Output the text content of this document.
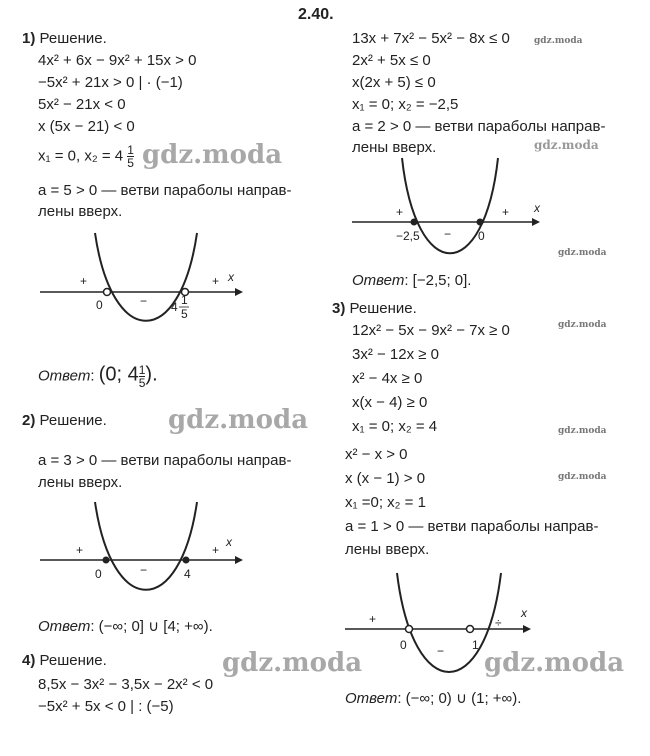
2.40.
1) Решение.
4x² + 6x − 9x² + 15x > 0
−5x² + 21x > 0 | · (−1)
5x² − 21x < 0
x (5x − 21) < 0
x₁ = 0, $x_2 = 4 \frac{1}{5}$
a = 5 > 0 — ветви параболы направ-
лены вверх.
+
−
+ x
0	4 1
5
Ответ: (0; $4 \frac{1}{5}$ ).
2) Решение.
a = 3 > 0 — ветви параболы направ-
лены вверх.
+
−
+
x
0	4
Ответ: (−∞; 0] ∪ [4; +∞).
4) Решение.
8,5x − 3x² − 3,5x − 2x² < 0
−5x² + 5x < 0 | : (−5)
13x + 7x² − 5x² − 8x ≤ 0
2x² + 5x ≤ 0
x(2x + 5) ≤ 0
x₁ = 0; x₂ = −2,5
a = 2 > 0 — ветви параболы направ-
лены вверх.
+
−
+ x
−2,5	0
Ответ: [−2,5; 0].
3) Решение.
12x² − 5x − 9x² − 7x ≥ 0
3x² − 12x ≥ 0
x² − 4x ≥ 0
x(x − 4) ≥ 0
x₁ = 0; x₂ = 4
x² − x > 0
x (x − 1) > 0
x₁ =0; x₂ = 1
a = 1 > 0 — ветви параболы направ-
лены вверх.
+
−
÷
x
0	1
Ответ: (−∞; 0) ∪ (1; +∞).
gdz.moda
gdz.moda
gdz.moda	gdz.moda
gdz.moda
gdz.moda
gdz.moda
gdz.moda
gdz.moda
gdz.moda
